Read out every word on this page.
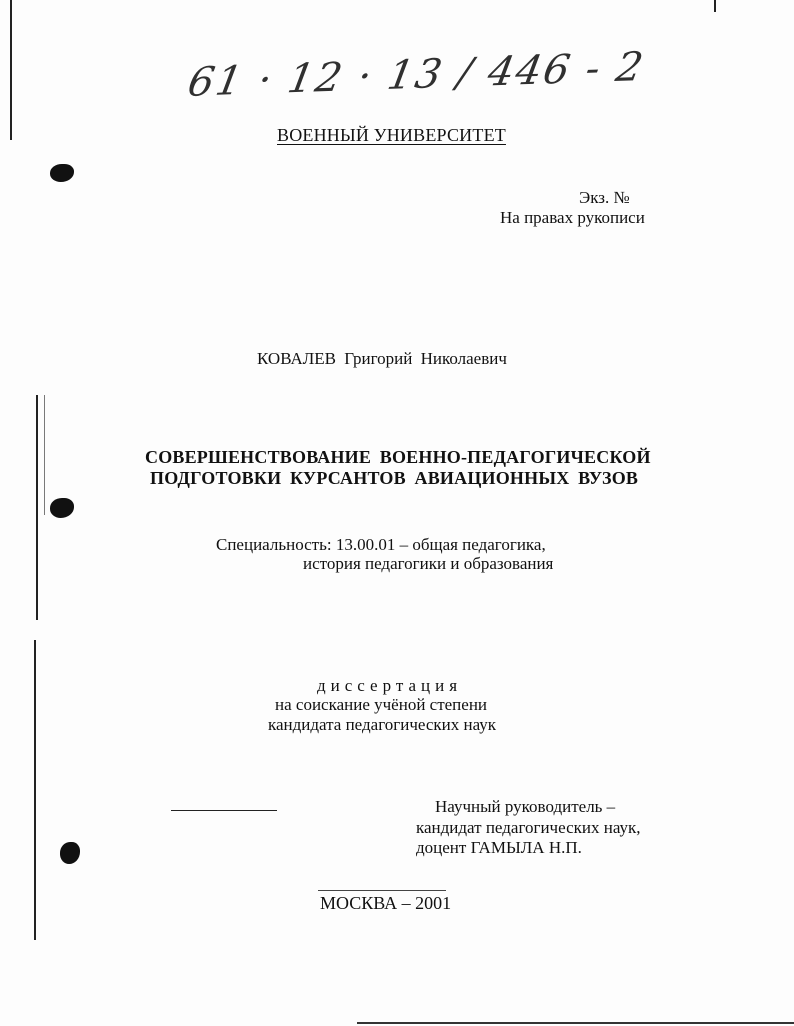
61 · 12 · 13 / 446 - 2
ВОЕННЫЙ УНИВЕРСИТЕТ
Экз. №
На правах рукописи
КОВАЛЕВ Григорий Николаевич
СОВЕРШЕНСТВОВАНИЕ ВОЕННО-ПЕДАГОГИЧЕСКОЙ
ПОДГОТОВКИ КУРСАНТОВ АВИАЦИОННЫХ ВУЗОВ
Специальность: 13.00.01 – общая педагогика,
история педагогики и образования
диссертация
на соискание учёной степени
кандидата педагогических наук
Научный руководитель –
кандидат педагогических наук,
доцент ГАМЫЛА Н.П.
МОСКВА – 2001
